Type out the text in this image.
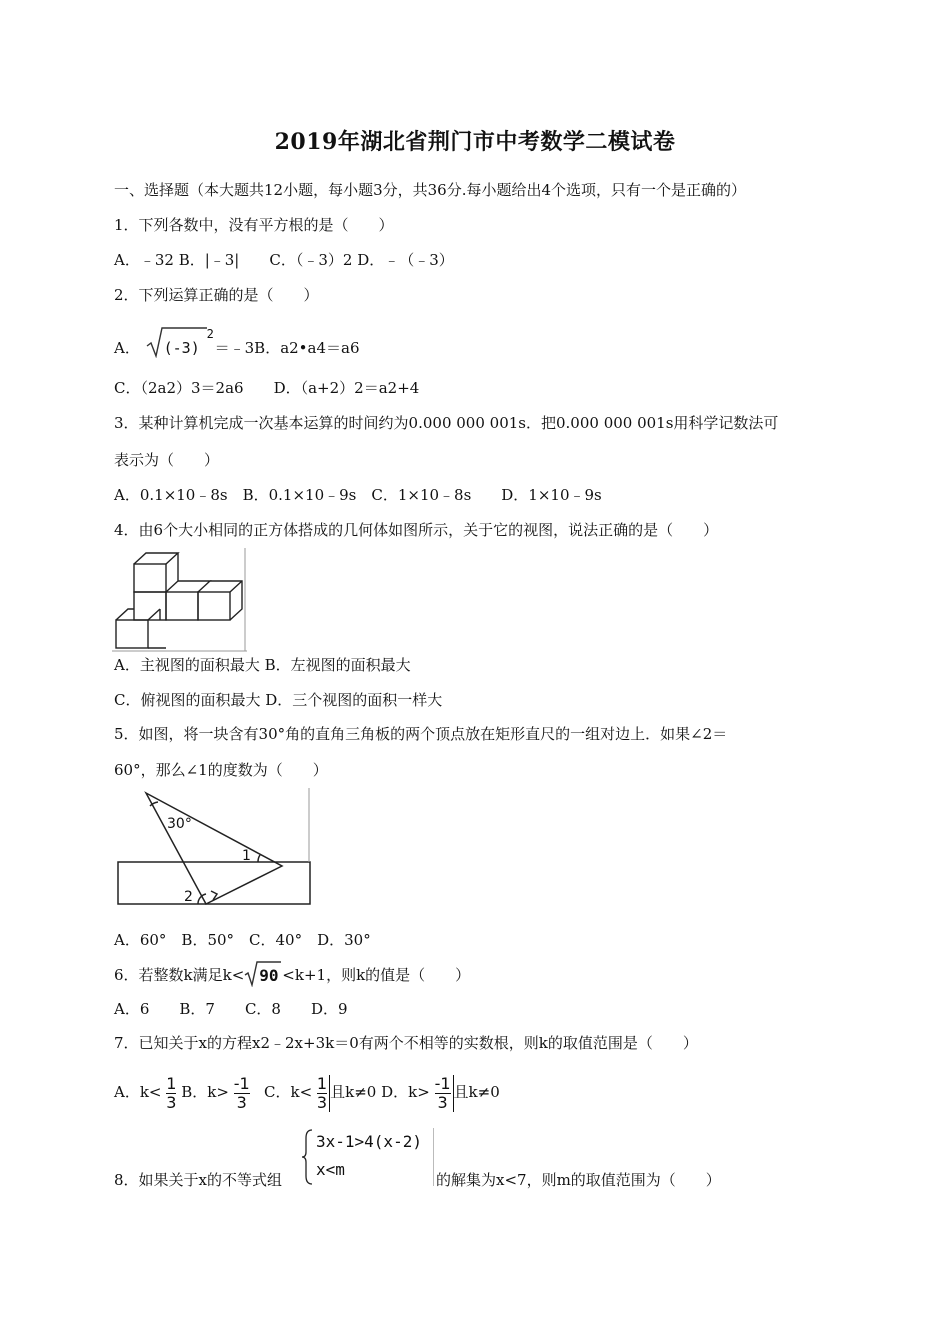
2019年湖北省荆门市中考数学二模试卷
一、选择题（本大题共12小题，每小题3分，共36分.每小题给出4个选项，只有一个是正确的）
1．下列各数中，没有平方根的是（　　）
A．﹣32 B．|﹣3|　　C．（﹣3）2 D．﹣（﹣3）
2．下列运算正确的是（　　）
A． (-3)
2
＝﹣3B．a2•a4＝a6
C．（2a2）3＝2a6　　D．（a+2）2＝a2+4
3．某种计算机完成一次基本运算的时间约为0.000 000 001s．把0.000 000 001s用科学记数法可
表示为（　　）
A．0.1×10﹣8s　B．0.1×10﹣9s　C．1×10﹣8s　　D．1×10﹣9s
4．由6个大小相同的正方体搭成的几何体如图所示，关于它的视图，说法正确的是（　　）
A．主视图的面积最大 B．左视图的面积最大
C．俯视图的面积最大 D．三个视图的面积一样大
5．如图，将一块含有30°角的直角三角板的两个顶点放在矩形直尺的一组对边上．如果∠2＝
60°，那么∠1的度数为（　　）
30°
1
2
A．60°　B．50°　C．40°　D．30°
6．若整数k满足k< 90 <k+1，则k的值是（　　）
A．6　　B．7　　C．8　　D．9
7．已知关于x的方程x2﹣2x+3k＝0有两个不相等的实数根，则k的取值范围是（　　）
A．$k< \frac{1}{3}$ B．$k> \frac{-1}{3}$ C．$k< \frac{1}{3}$ 且k≠0 D．$k> \frac{-1}{3}$ 且k≠0
8．如果关于x的不等式组
3x-1>4(x-2)
x<m
的解集为x<7，则m的取值范围为（　　）
